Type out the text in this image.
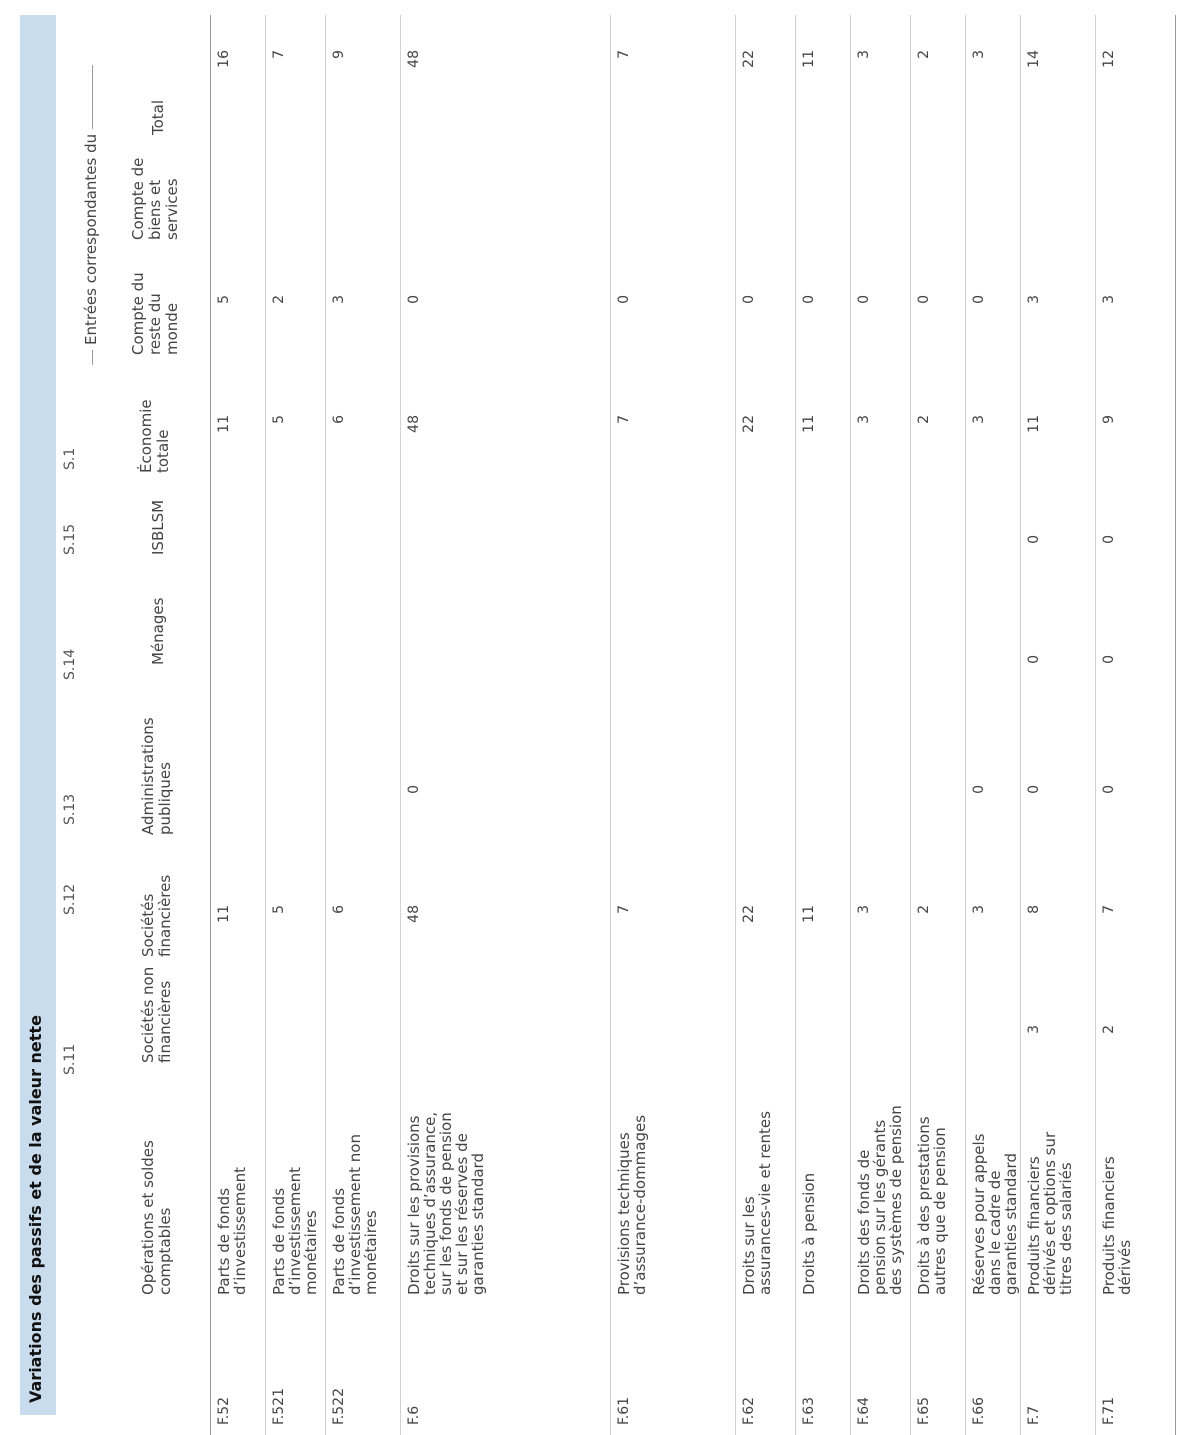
Variations des passifs et de la valeur nette S.11
S.12
S.13
S.14
S.15
S.1
Entrées correspondantes du
Opérations et soldes comptables
Sociétés non financières
Sociétés financières
Administrations publiques
Ménages
ISBLSM
Économie totale
Compte du reste du monde
Compte de biens et services
Total
F.52
Parts de fonds d’investissement
11
11
5
16
F.521
Parts de fonds d’investissement monétaires
5
5
2
7
F.522
Parts de fonds d’investissement non monétaires
6
6
3
9
F.6
Droits sur les provisions techniques d’assurance, sur les fonds de pension et sur les réserves de garanties standard
48
0
48
0
48
F.61
Provisions techniques d’assurance-dommages
7
7
0
7
F.62
Droits sur les assurances-vie et rentes
22
22
0
22
F.63
Droits à pension
11
11
0
11
F.64
Droits des fonds de pension sur les gérants des systèmes de pension
3
3
0
3
F.65
Droits à des prestations autres que de pension
2
2
0
2
F.66
Réserves pour appels dans le cadre de garanties standard
3
0
3
0
3
F.7
Produits financiers dérivés et options sur titres des salariés
3
8
0
0
0
11
3
14
F.71
Produits financiers dérivés
2
7
0
0
0
9
3
12
